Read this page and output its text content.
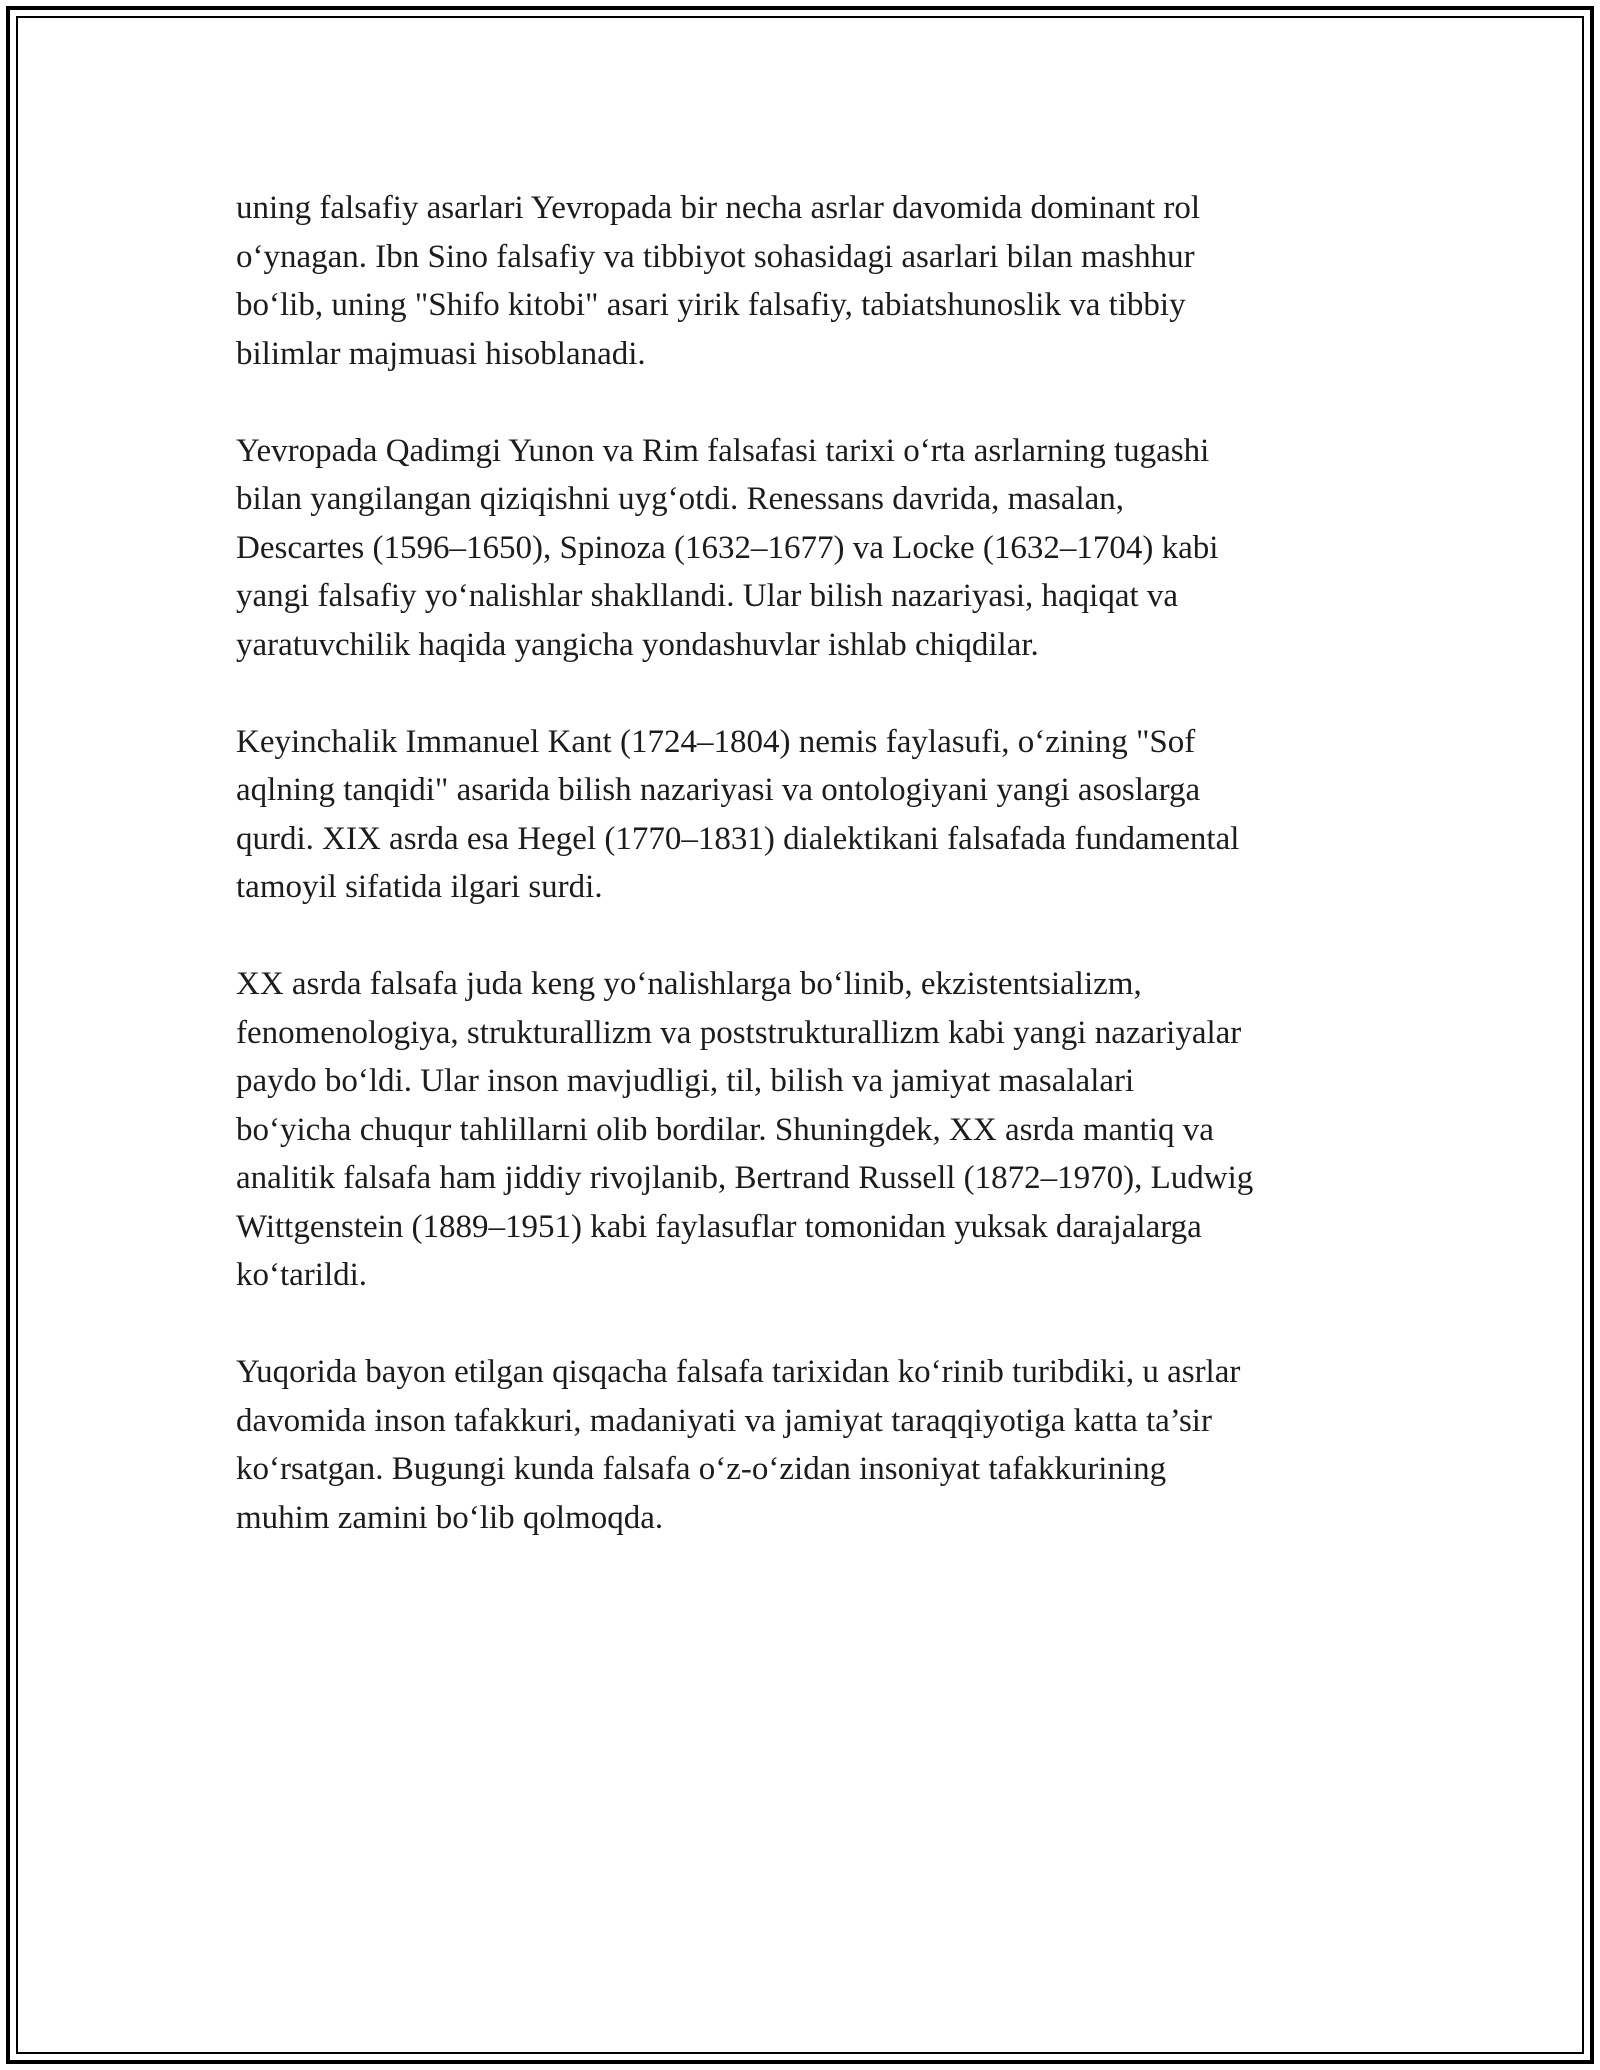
uning falsafiy asarlari Yevropada bir necha asrlar davomida dominant rol
o‘ynagan. Ibn Sino falsafiy va tibbiyot sohasidagi asarlari bilan mashhur
bo‘lib, uning "Shifo kitobi" asari yirik falsafiy, tabiatshunoslik va tibbiy
bilimlar majmuasi hisoblanadi.

Yevropada Qadimgi Yunon va Rim falsafasi tarixi o‘rta asrlarning tugashi
bilan yangilangan qiziqishni uyg‘otdi. Renessans davrida, masalan,
Descartes (1596–1650), Spinoza (1632–1677) va Locke (1632–1704) kabi
yangi falsafiy yo‘nalishlar shakllandi. Ular bilish nazariyasi, haqiqat va
yaratuvchilik haqida yangicha yondashuvlar ishlab chiqdilar.

Keyinchalik Immanuel Kant (1724–1804) nemis faylasufi, o‘zining "Sof
aqlning tanqidi" asarida bilish nazariyasi va ontologiyani yangi asoslarga
qurdi. XIX asrda esa Hegel (1770–1831) dialektikani falsafada fundamental
tamoyil sifatida ilgari surdi.

XX asrda falsafa juda keng yo‘nalishlarga bo‘linib, ekzistentsializm,
fenomenologiya, strukturallizm va poststrukturallizm kabi yangi nazariyalar
paydo bo‘ldi. Ular inson mavjudligi, til, bilish va jamiyat masalalari
bo‘yicha chuqur tahlillarni olib bordilar. Shuningdek, XX asrda mantiq va
analitik falsafa ham jiddiy rivojlanib, Bertrand Russell (1872–1970), Ludwig
Wittgenstein (1889–1951) kabi faylasuflar tomonidan yuksak darajalarga
ko‘tarildi.

Yuqorida bayon etilgan qisqacha falsafa tarixidan ko‘rinib turibdiki, u asrlar
davomida inson tafakkuri, madaniyati va jamiyat taraqqiyotiga katta ta’sir
ko‘rsatgan. Bugungi kunda falsafa o‘z-o‘zidan insoniyat tafakkurining
muhim zamini bo‘lib qolmoqda.
